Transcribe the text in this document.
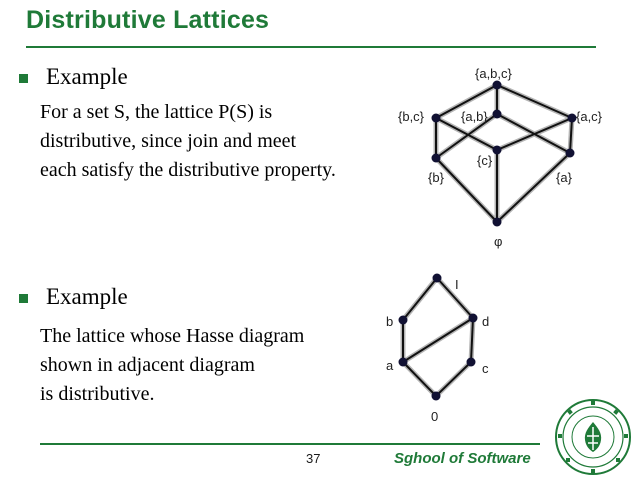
Distributive Lattices
Example
For a set S, the lattice P(S) is
distributive, since join and meet
each satisfy the distributive property.
Example
The lattice whose Hasse diagram
shown in adjacent diagram
is distributive.
{a,b,c}
{b,c}	{a,b}	{a,c}
{c}
{b}	{a}
φ
I
b	d
a	c
0
37	Sghool of Software
